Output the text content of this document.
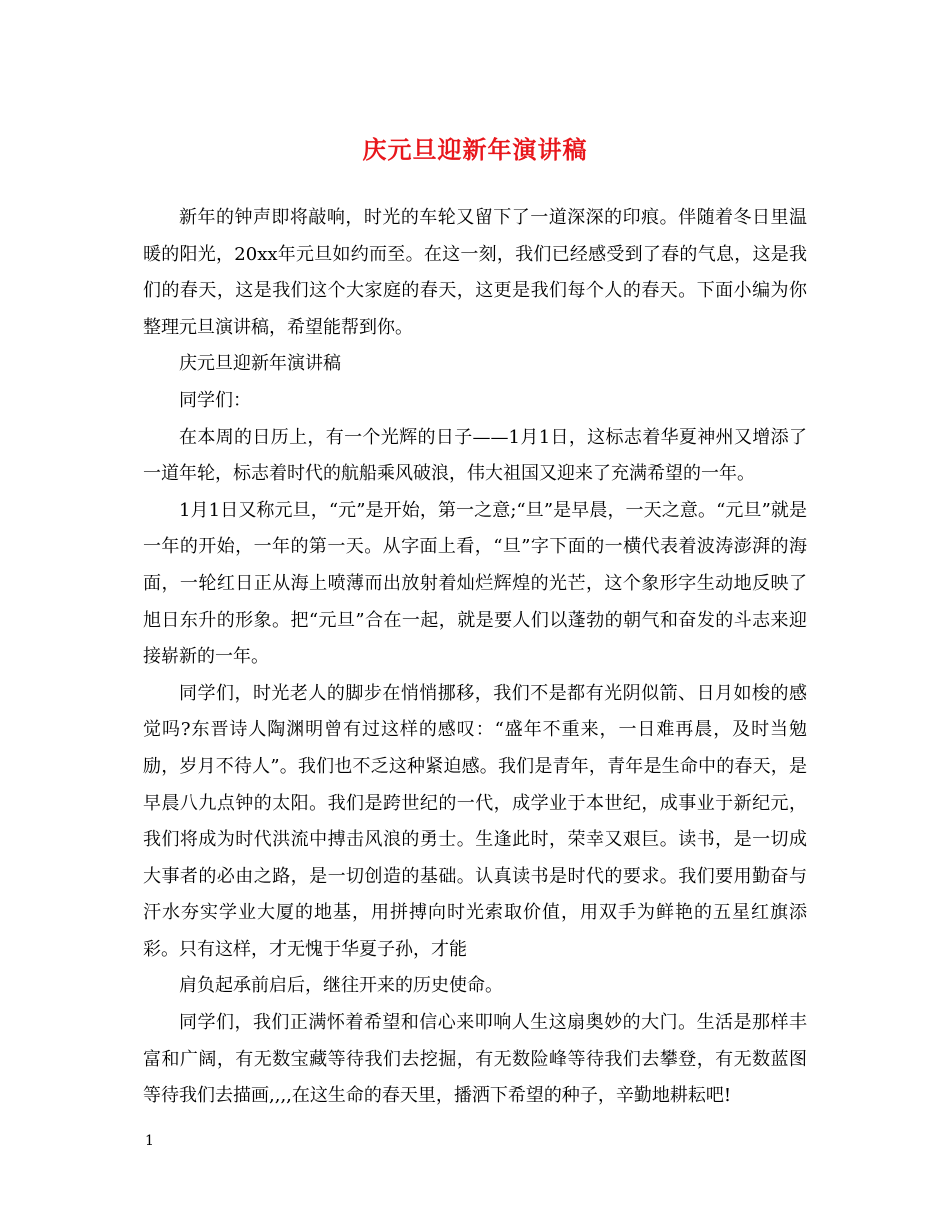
庆元旦迎新年演讲稿

新年的钟声即将敲响，时光的车轮又留下了一道深深的印痕。伴随着冬日里温暖的阳光，20xx年元旦如约而至。在这一刻，我们已经感受到了春的气息，这是我们的春天，这是我们这个大家庭的春天，这更是我们每个人的春天。下面小编为你整理元旦演讲稿，希望能帮到你。

庆元旦迎新年演讲稿

同学们：

在本周的日历上，有一个光辉的日子——1月1日，这标志着华夏神州又增添了一道年轮，标志着时代的航船乘风破浪，伟大祖国又迎来了充满希望的一年。

1月1日又称元旦，“元”是开始，第一之意;“旦”是早晨，一天之意。“元旦”就是一年的开始，一年的第一天。从字面上看，“旦”字下面的一横代表着波涛澎湃的海面，一轮红日正从海上喷薄而出放射着灿烂辉煌的光芒，这个象形字生动地反映了旭日东升的形象。把“元旦”合在一起，就是要人们以蓬勃的朝气和奋发的斗志来迎接崭新的一年。

同学们，时光老人的脚步在悄悄挪移，我们不是都有光阴似箭、日月如梭的感觉吗?东晋诗人陶渊明曾有过这样的感叹：“盛年不重来，一日难再晨，及时当勉励，岁月不待人”。我们也不乏这种紧迫感。我们是青年，青年是生命中的春天，是早晨八九点钟的太阳。我们是跨世纪的一代，成学业于本世纪，成事业于新纪元，我们将成为时代洪流中搏击风浪的勇士。生逢此时，荣幸又艰巨。读书，是一切成大事者的必由之路，是一切创造的基础。认真读书是时代的要求。我们要用勤奋与汗水夯实学业大厦的地基，用拼搏向时光索取价值，用双手为鲜艳的五星红旗添彩。只有这样，才无愧于华夏子孙，才能

肩负起承前启后，继往开来的历史使命。

同学们，我们正满怀着希望和信心来叩响人生这扇奥妙的大门。生活是那样丰富和广阔，有无数宝藏等待我们去挖掘，有无数险峰等待我们去攀登，有无数蓝图等待我们去描画,,,,在这生命的春天里，播洒下希望的种子，辛勤地耕耘吧!

1
